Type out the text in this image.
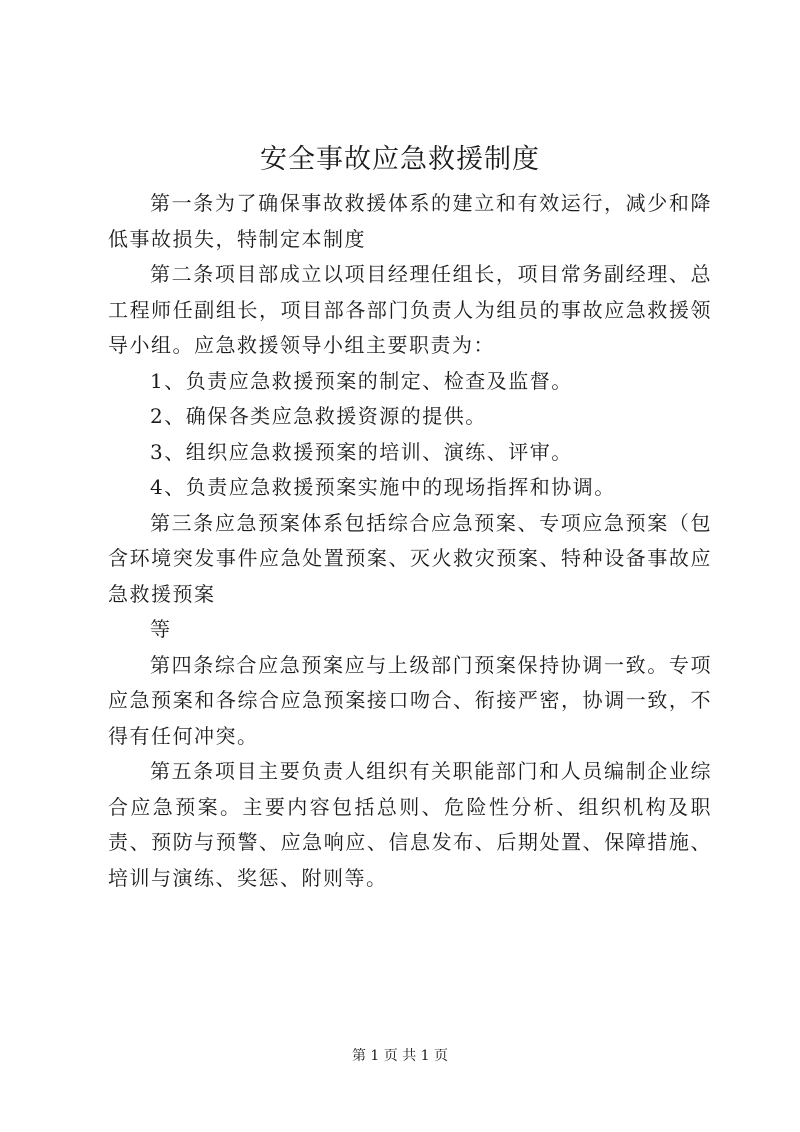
安全事故应急救援制度

第一条为了确保事故救援体系的建立和有效运行，减少和降低事故损失，特制定本制度

第二条项目部成立以项目经理任组长，项目常务副经理、总工程师任副组长，项目部各部门负责人为组员的事故应急救援领导小组。应急救援领导小组主要职责为：

1、负责应急救援预案的制定、检查及监督。

2、确保各类应急救援资源的提供。

3、组织应急救援预案的培训、演练、评审。

4、负责应急救援预案实施中的现场指挥和协调。

第三条应急预案体系包括综合应急预案、专项应急预案（包含环境突发事件应急处置预案、灭火救灾预案、特种设备事故应急救援预案

等

第四条综合应急预案应与上级部门预案保持协调一致。专项应急预案和各综合应急预案接口吻合、衔接严密，协调一致，不得有任何冲突。

第五条项目主要负责人组织有关职能部门和人员编制企业综合应急预案。主要内容包括总则、危险性分析、组织机构及职责、预防与预警、应急响应、信息发布、后期处置、保障措施、培训与演练、奖惩、附则等。

第 1 页 共 1 页
